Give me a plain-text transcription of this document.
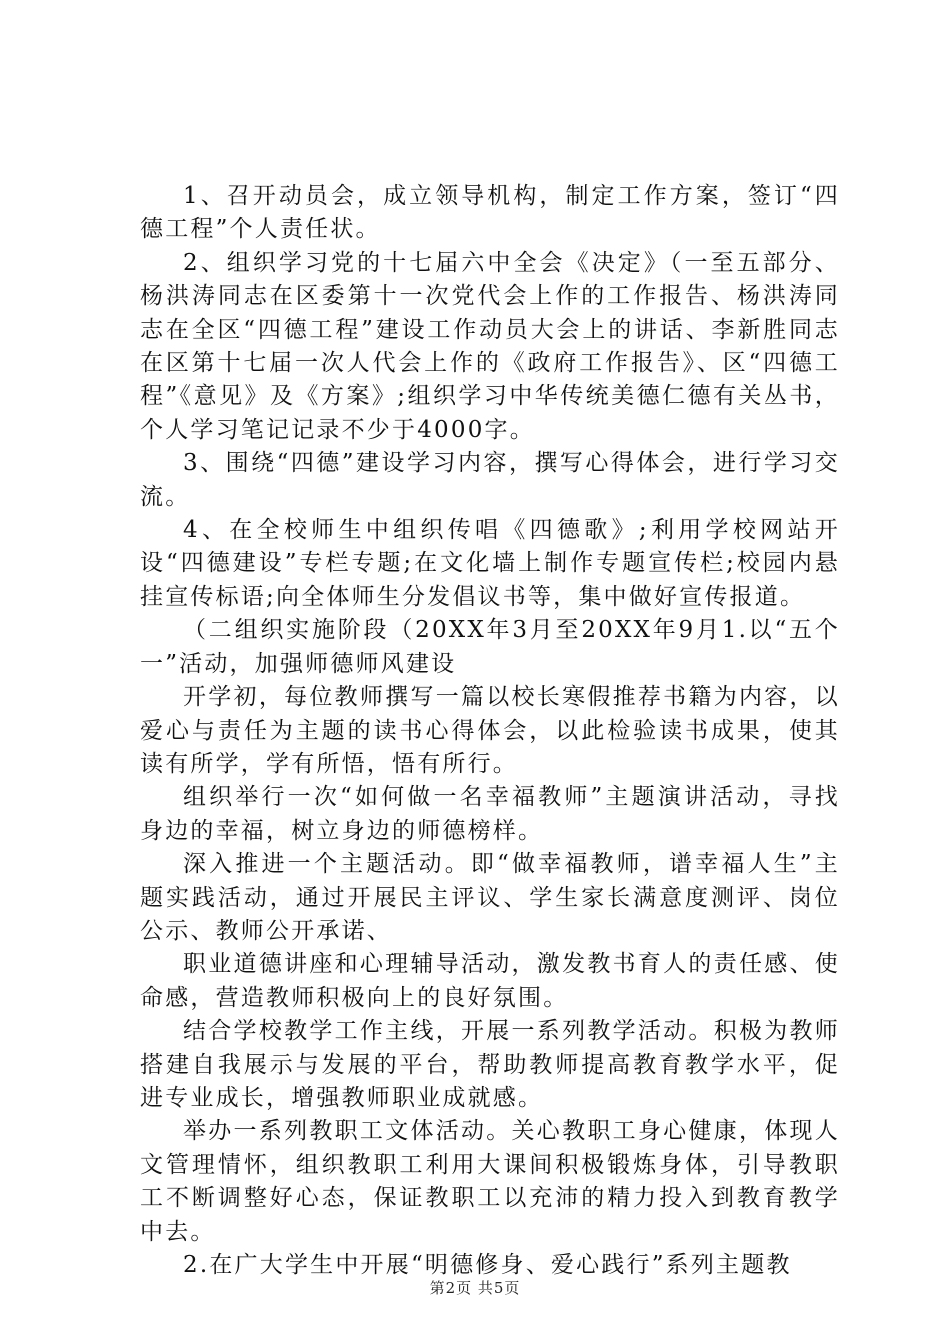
1、召开动员会，成立领导机构，制定工作方案，签订“四德工程”个人责任状。

2、组织学习党的十七届六中全会《决定》（一至五部分、杨洪涛同志在区委第十一次党代会上作的工作报告、杨洪涛同志在全区“四德工程”建设工作动员大会上的讲话、李新胜同志在区第十七届一次人代会上作的《政府工作报告》、区“四德工程”《意见》及《方案》;组织学习中华传统美德仁德有关丛书，个人学习笔记记录不少于4000字。

3、围绕“四德”建设学习内容，撰写心得体会，进行学习交流。

4、在全校师生中组织传唱《四德歌》;利用学校网站开设“四德建设”专栏专题;在文化墙上制作专题宣传栏;校园内悬挂宣传标语;向全体师生分发倡议书等，集中做好宣传报道。

（二组织实施阶段（20XX年3月至20XX年9月1.以“五个一”活动，加强师德师风建设

开学初，每位教师撰写一篇以校长寒假推荐书籍为内容，以爱心与责任为主题的读书心得体会，以此检验读书成果，使其读有所学，学有所悟，悟有所行。

组织举行一次“如何做一名幸福教师”主题演讲活动，寻找身边的幸福，树立身边的师德榜样。

深入推进一个主题活动。即“做幸福教师，谱幸福人生”主题实践活动，通过开展民主评议、学生家长满意度测评、岗位公示、教师公开承诺、

职业道德讲座和心理辅导活动，激发教书育人的责任感、使命感，营造教师积极向上的良好氛围。

结合学校教学工作主线，开展一系列教学活动。积极为教师搭建自我展示与发展的平台，帮助教师提高教育教学水平，促进专业成长，增强教师职业成就感。

举办一系列教职工文体活动。关心教职工身心健康，体现人文管理情怀，组织教职工利用大课间积极锻炼身体，引导教职工不断调整好心态，保证教职工以充沛的精力投入到教育教学中去。

2.在广大学生中开展“明德修身、爱心践行”系列主题教

第2页 共5页
